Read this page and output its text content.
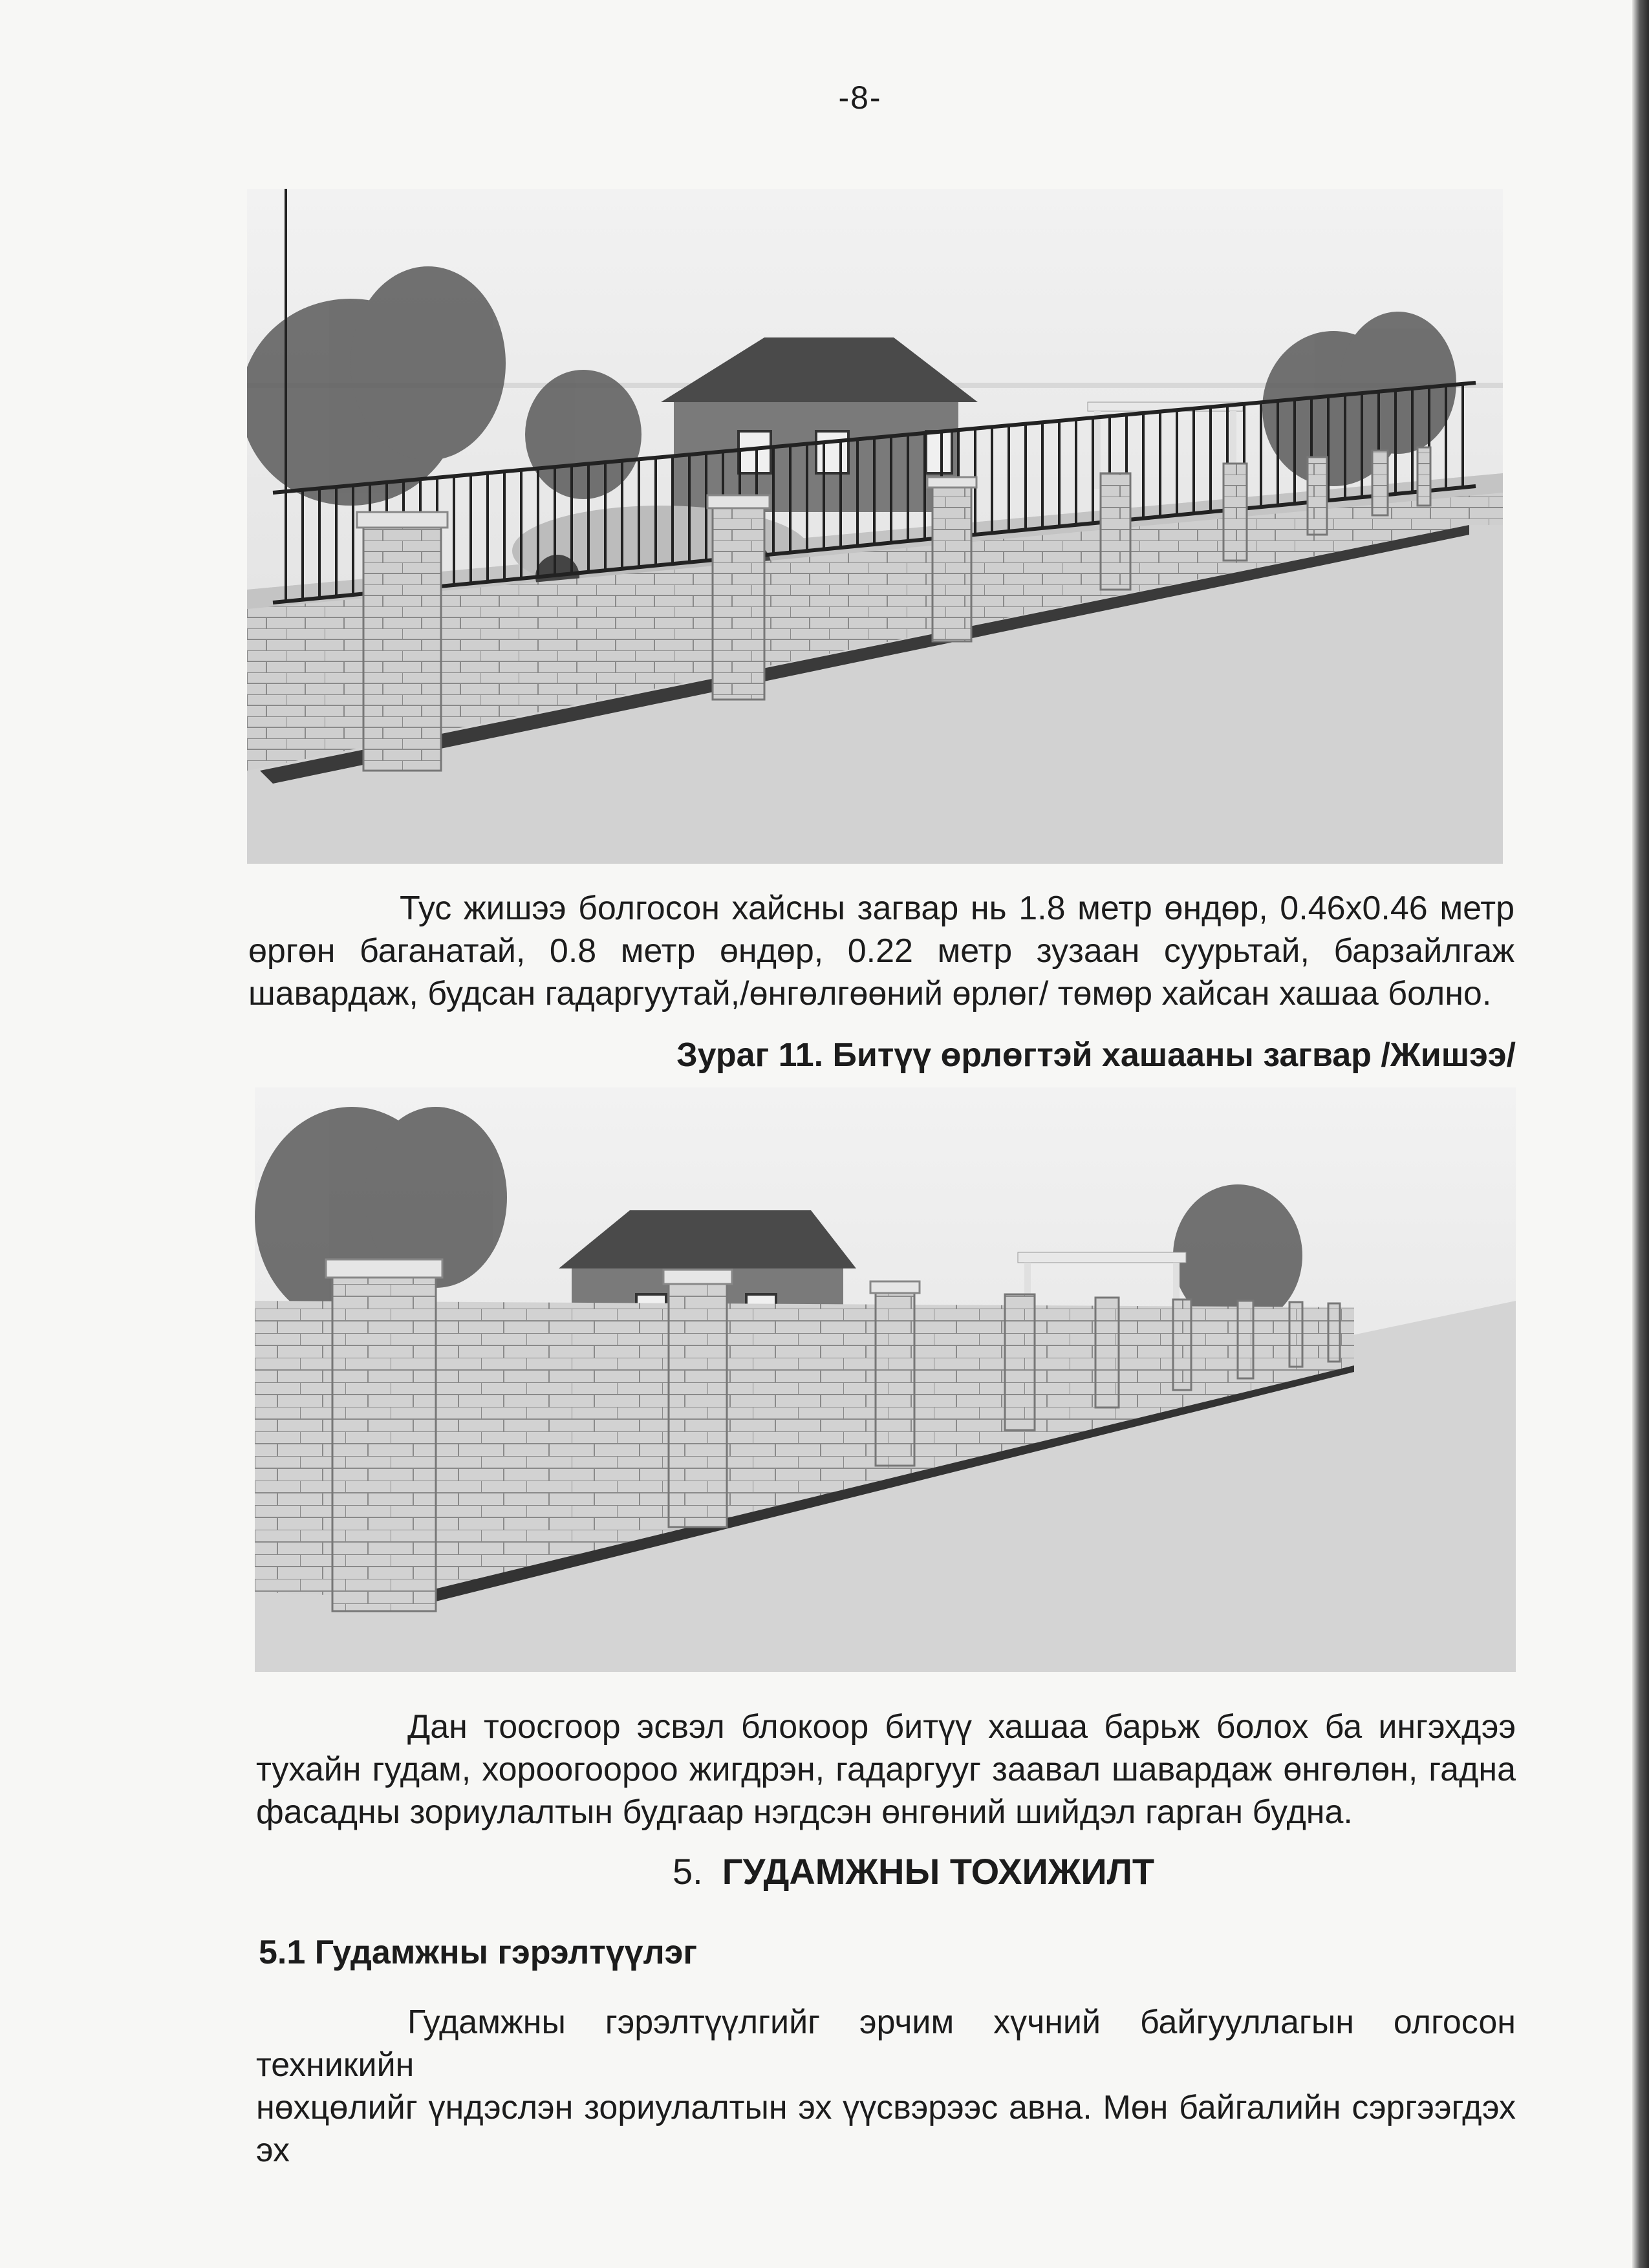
-8-
Тус жишээ болгосон хайсны загвар нь 1.8 метр өндөр, 0.46х0.46 метр
өргөн баганатай, 0.8 метр өндөр, 0.22 метр зузаан суурьтай, барзайлгаж
шавардаж, будсан гадаргуутай,/өнгөлгөөний өрлөг/ төмөр хайсан хашаа болно.
Зураг 11. Битүү өрлөгтэй хашааны загвар /Жишээ/
Дан тоосгоор эсвэл блокоор битүү хашаа барьж болох ба ингэхдээ
тухайн гудам, хороогоороо жигдрэн, гадаргууг заавал шавардаж өнгөлөн, гадна
фасадны зориулалтын будгаар нэгдсэн өнгөний шийдэл гарган будна.
5. ГУДАМЖНЫ ТОХИЖИЛТ
5.1 Гудамжны гэрэлтүүлэг
Гудамжны гэрэлтүүлгийг эрчим хүчний байгууллагын олгосон техникийн
нөхцөлийг үндэслэн зориулалтын эх үүсвэрээс авна. Мөн байгалийн сэргээгдэх эх
